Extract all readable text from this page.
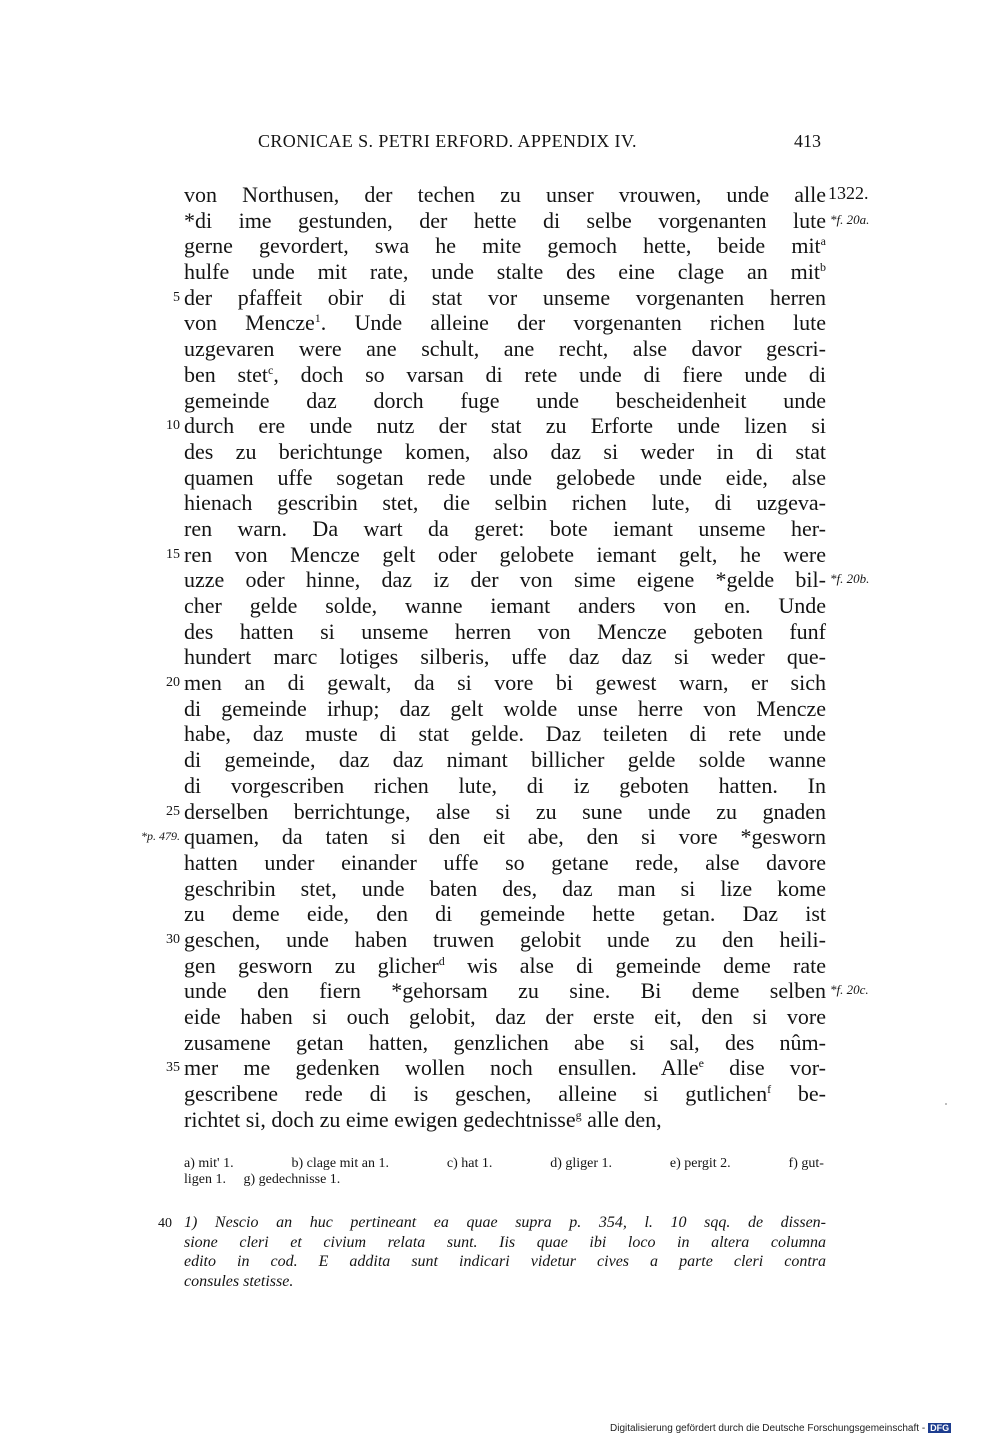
CRONICAE S. PETRI ERFORD. APPENDIX IV.	413
von Northusen, der techen zu unser vrouwen, unde alle 1322.
*di ime gestunden, der hette di selbe vorgenanten lute *f. 20a.
gerne gevordert, swa he mite gemoch hette, beide mit$^a$
hulfe unde mit rate, unde stalte des eine clage an mit$^b$
5 der pfaffeit obir di stat vor unseme vorgenanten herren
von Mencze$^1$. Unde alleine der vorgenanten richen lute
uzgevaren were ane schult, ane recht, alse davor gescri-
ben stet$^c$, doch so varsan di rete unde di fiere unde di
gemeinde daz dorch fuge unde bescheidenheit unde
10 durch ere unde nutz der stat zu Erforte unde lizen si
des zu berichtunge komen, also daz si weder in di stat
quamen uffe sogetan rede unde gelobede unde eide, alse
hienach gescribin stet, die selbin richen lute, di uzgeva-
ren warn. Da wart da geret: bote iemant unseme her-
15 ren von Mencze gelt oder gelobete iemant gelt, he were
uzze oder hinne, daz iz der von sime eigene *gelde bil- *f. 20b.
cher gelde solde, wanne iemant anders von en. Unde
des hatten si unseme herren von Mencze geboten funf
hundert marc lotiges silberis, uffe daz daz si weder que-
20 men an di gewalt, da si vore bi gewest warn, er sich
di gemeinde irhup; daz gelt wolde unse herre von Mencze
habe, daz muste di stat gelde. Daz teileten di rete unde
di gemeinde, daz daz nimant billicher gelde solde wanne
di vorgescriben richen lute, di iz geboten hatten. In
25 derselben berrichtunge, alse si zu sune unde zu gnaden
*p. 479. quamen, da taten si den eit abe, den si vore *gesworn
hatten under einander uffe so getane rede, alse davore
geschribin stet, unde baten des, daz man si lize kome
zu deme eide, den di gemeinde hette getan. Daz ist
30 geschen, unde haben truwen gelobit unde zu den heili-
gen gesworn zu glicher$^d$ wis alse di gemeinde deme rate
unde den fiern *gehorsam zu sine. Bi deme selben *f. 20c.
eide haben si ouch gelobit, daz der erste eit, den si vore
zusamene getan hatten, genzlichen abe si sal, des nûm-
35 mer me gedenken wollen noch ensullen. Alle$^e$ dise vor-
gescribene rede di is geschen, alleine si gutlichen$^f$ be-
richtet si, doch zu eime ewigen gedechtnisse$^g$ alle den,
a) mit' 1.	b) clage mit an 1.	c) hat 1.	d) gliger 1.	e) pergit 2.	f) gut-
ligen 1. g) gedechnisse 1.
40 1) Nescio an huc pertineant ea quae supra p. 354, l. 10 sqq. de dissen-
sione cleri et civium relata sunt. Iis quae ibi loco in altera columna
edito in cod. E addita sunt indicari videtur cives a parte cleri contra
consules stetisse.
Digitalisierung gefördert durch die Deutsche Forschungsgemeinschaft - DFG
